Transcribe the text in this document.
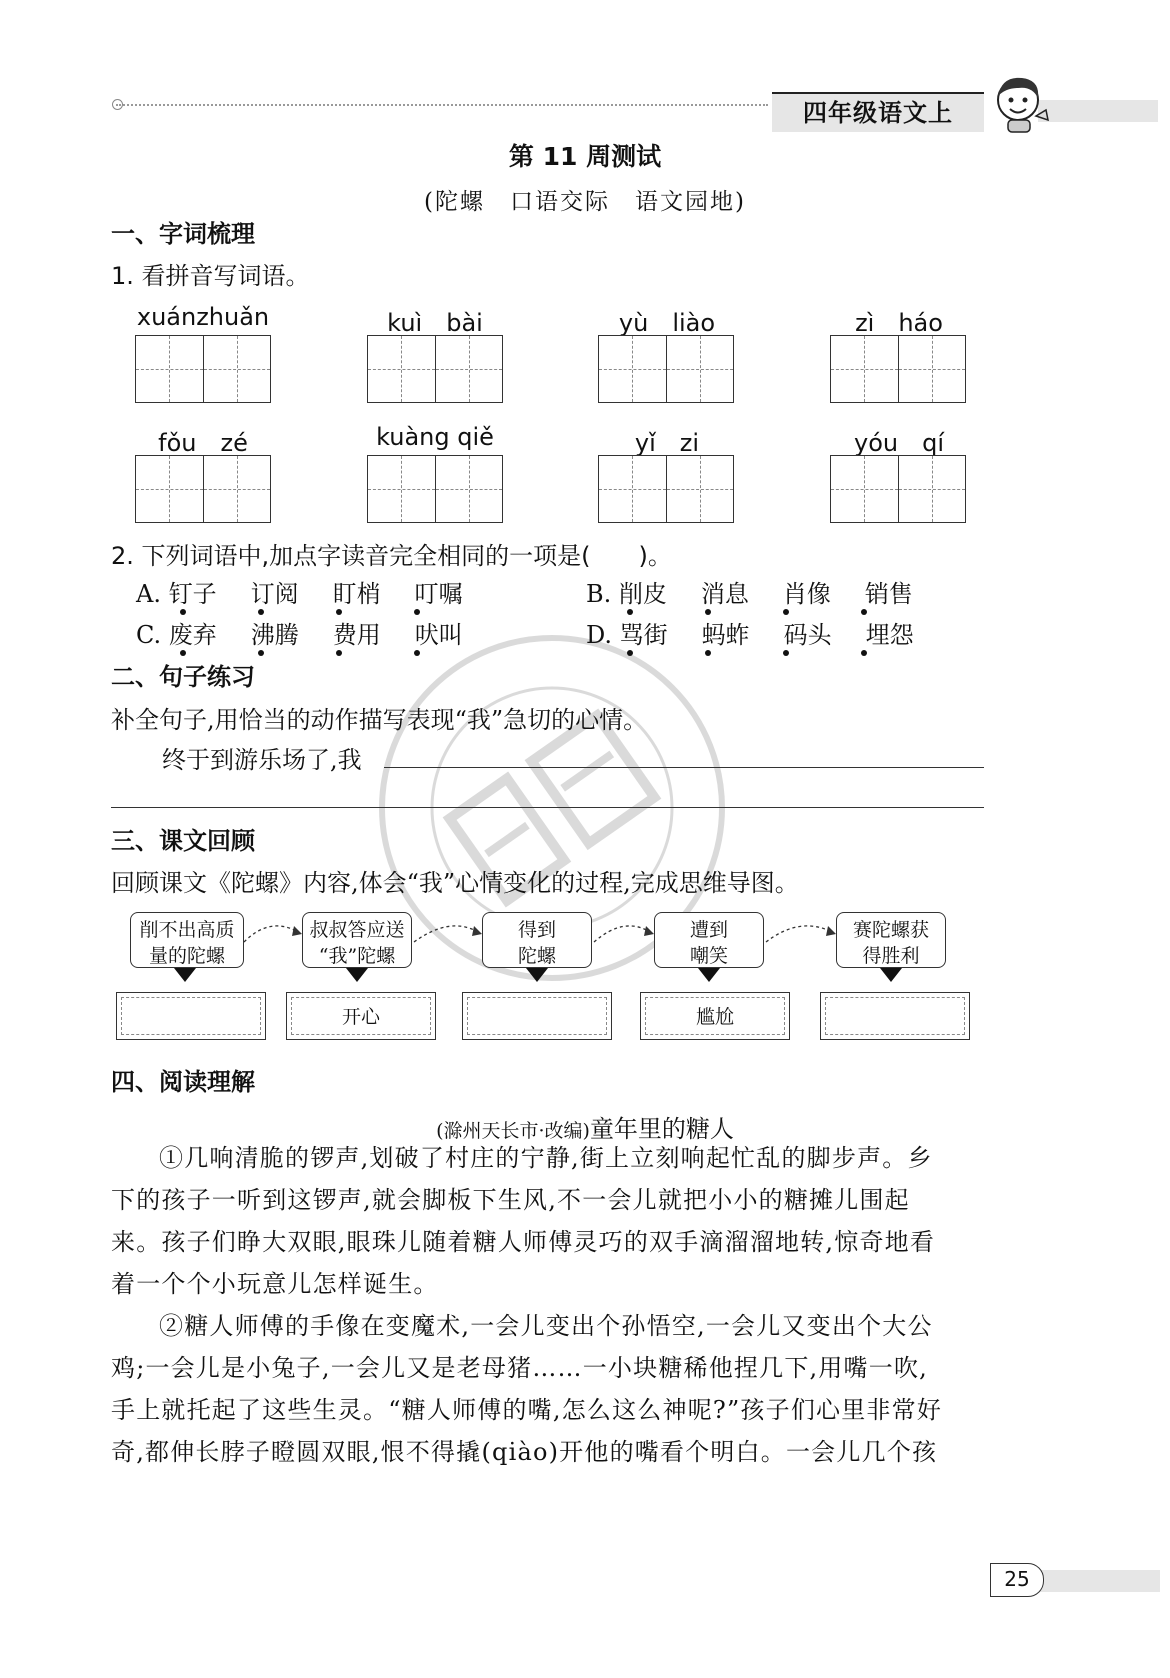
四年级语文上
第 11 周测试
(陀螺　口语交际　语文园地)
一、字词梳理
1. 看拼音写词语。
xuánzhuǎn	kuì　bài	yù　liào	zì　háo
fǒu　zé	kuàng qiě	yǐ　zi	yóu　qí
2. 下列词语中,加点字读音完全相同的一项是(　　)。
A. 钉子 订阅 盯梢 叮嘱	B. 削皮 消息 肖像 销售
C. 废弃 沸腾 费用 吠叫	D. 骂街 蚂蚱 码头 埋怨
二、句子练习
补全句子,用恰当的动作描写表现“我”急切的心情。
终于到游乐场了,我
三、课文回顾
回顾课文《陀螺》内容,体会“我”心情变化的过程,完成思维导图。
削不出高质
量的陀螺
叔叔答应送
“我”陀螺
得到
陀螺
遭到
嘲笑
赛陀螺获
得胜利
开心	尴尬
四、阅读理解
(滁州天长市·改编)童年里的糖人
①几响清脆的锣声,划破了村庄的宁静,街上立刻响起忙乱的脚步声。乡
下的孩子一听到这锣声,就会脚板下生风,不一会儿就把小小的糖摊儿围起
来。孩子们睁大双眼,眼珠儿随着糖人师傅灵巧的双手滴溜溜地转,惊奇地看
着一个个小玩意儿怎样诞生。
②糖人师傅的手像在变魔术,一会儿变出个孙悟空,一会儿又变出个大公
鸡;一会儿是小兔子,一会儿又是老母猪……一小块糖稀他捏几下,用嘴一吹,
手上就托起了这些生灵。“糖人师傅的嘴,怎么这么神呢?”孩子们心里非常好
奇,都伸长脖子瞪圆双眼,恨不得撬(qiào)开他的嘴看个明白。一会儿几个孩
25
